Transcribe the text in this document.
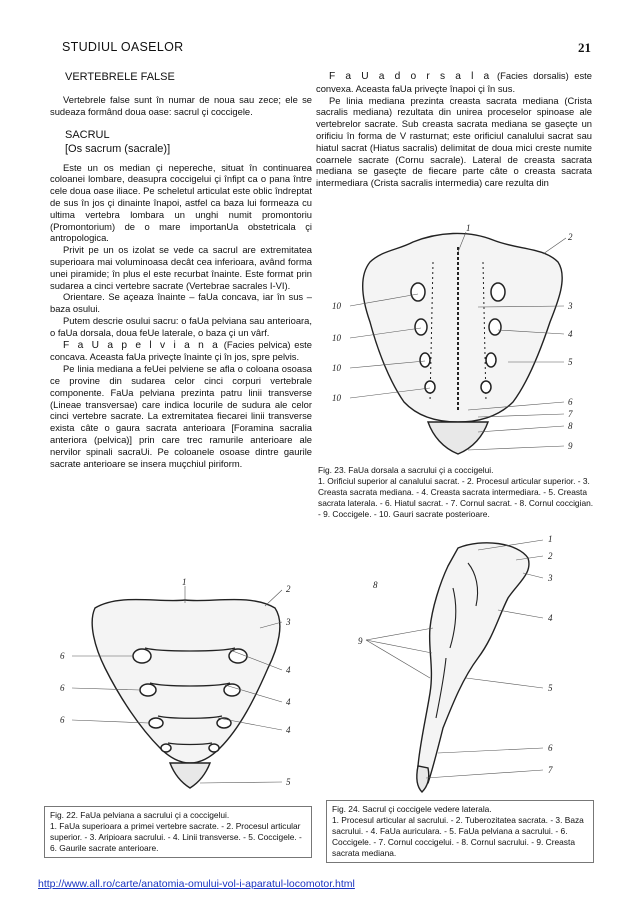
STUDIUL OASELOR	21

VERTEBRELE FALSE

Vertebrele false sunt în numar de noua sau zece; ele se sudeaza formând doua oase: sacrul çi coccigele.

SACRUL

[Os sacrum (sacrale)]

Este un os median çi nepereche, situat în continuarea coloanei lombare, deasupra coccigelui çi înfipt ca o pana între cele doua oase iliace. Pe scheletul articulat este oblic îndreptat de sus în jos çi dinainte înapoi, astfel ca baza lui formeaza cu ultima vertebra lombara un unghi numit promontoriu (Promontorium) de o mare importanUa obstetricala çi antropologica.

Privit pe un os izolat se vede ca sacrul are extremitatea superioara mai voluminoasa decât cea inferioara, având forma unei piramide; în plus el este recurbat înainte. Este format prin sudarea a cinci vertebre sacrate (Vertebrae sacrales I-VI).

Orientare. Se açeaza înainte – faUa concava, iar în sus – baza osului.

Putem descrie osului sacru: o faUa pelviana sau anterioara, o faUa dorsala, doua feUe laterale, o baza çi un vârf.

F a U a p e l v i a n a (Facies pelvica) este concava. Aceasta faUa priveçte înainte çi în jos, spre pelvis.

Pe linia mediana a feUei pelviene se afla o coloana osoasa ce provine din sudarea celor cinci corpuri vertebrale componente. FaUa pelviana prezinta patru linii transverse (Lineae transversae) care indica locurile de sudura ale celor cinci vertebre sacrate. La extremitatea fiecarei linii transverse exista câte o gaura sacrata anterioara [Foramina sacralia anteriora (pelvica)] prin care trec ramurile anterioare ale nervilor spinali sacraUi. Pe coloanele osoase dintre gaurile sacrate anterioare se insera muçchiul piriform.

F a U a d o r s a l a (Facies dorsalis) este convexa. Aceasta faUa priveçte înapoi çi în sus.

Pe linia mediana prezinta creasta sacrata mediana (Crista sacralis mediana) rezultata din unirea proceselor spinoase ale vertebrelor sacrate. Sub creasta sacrata mediana se gaseçte un orificiu în forma de V rasturnat; este orificiul canalului sacrat sau hiatul sacrat (Hiatus sacralis) delimitat de doua mici creste numite coarnele sacrate (Cornu sacrale). Lateral de creasta sacrata mediana se gaseçte de fiecare parte câte o creasta sacrata intermediara (Crista sacralis intermedia) care rezulta din

1
2
3
10
10
10
10
4
5
6
7
8
9
Fig. 23. FaUa dorsala a sacrului çi a coccigelui.
1. Orificiul superior al canalului sacrat. - 2. Procesul articular superior. - 3. Creasta sacrata mediana. - 4. Creasta sacrata intermediara. - 5. Creasta sacrata laterala. - 6. Hiatul sacrat. - 7. Cornul sacrat. - 8. Cornul coccigian. - 9. Coccigele. - 10. Gauri sacrate posterioare.
1
2
3
6
6
6
4
4
4
5
Fig. 22. FaUa pelviana a sacrului çi a coccigelui.
1. FaUa superioara a primei vertebre sacrate. - 2. Procesul articular superior. - 3. Aripioara sacrului. - 4. Linii transverse. - 5. Coccigele. - 6. Gaurile sacrate anterioare.
1
2
3
4
5
6
7
8
9
Fig. 24. Sacrul çi coccigele vedere laterala.
1. Procesul articular al sacrului. - 2. Tuberozitatea sacrata. - 3. Baza sacrului. - 4. FaUa auriculara. - 5. FaUa pelviana a sacrului. - 6. Coccigele. - 7. Cornul coccigelui. - 8. Cornul sacrului. - 9. Creasta sacrata mediana.
http://www.all.ro/carte/anatomia-omului-vol-i-aparatul-locomotor.html
